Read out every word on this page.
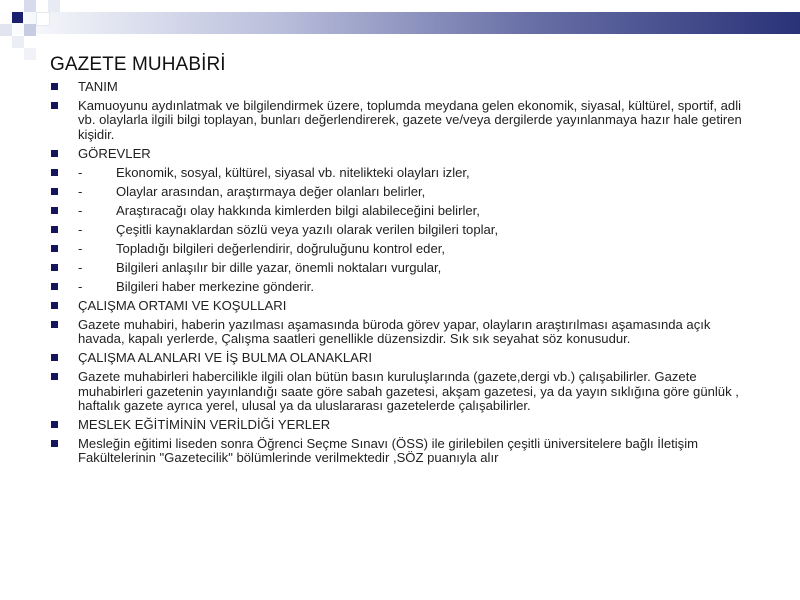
GAZETE MUHABİRİ
TANIM
Kamuoyunu aydınlatmak ve bilgilendirmek üzere, toplumda meydana gelen ekonomik, siyasal, kültürel, sportif, adli vb. olaylarla ilgili bilgi toplayan, bunları değerlendirerek, gazete ve/veya dergilerde yayınlanmaya hazır hale getiren kişidir.
GÖREVLER
-	Ekonomik, sosyal, kültürel, siyasal vb. nitelikteki olayları izler,
-	Olaylar arasından, araştırmaya değer olanları belirler,
-	Araştıracağı olay hakkında kimlerden bilgi alabileceğini belirler,
-	Çeşitli kaynaklardan sözlü veya yazılı olarak verilen bilgileri toplar,
-	Topladığı bilgileri değerlendirir, doğruluğunu kontrol eder,
-	Bilgileri anlaşılır bir dille yazar, önemli noktaları vurgular,
-	Bilgileri haber merkezine gönderir.
ÇALIŞMA ORTAMI VE KOŞULLARI
Gazete muhabiri, haberin yazılması aşamasında büroda görev yapar, olayların araştırılması aşamasında açık havada, kapalı yerlerde, Çalışma saatleri genellikle düzensizdir. Sık sık seyahat söz konusudur.
ÇALIŞMA ALANLARI VE İŞ BULMA OLANAKLARI
Gazete muhabirleri habercilikle ilgili olan bütün basın kuruluşlarında (gazete,dergi vb.) çalışabilirler. Gazete muhabirleri gazetenin yayınlandığı saate göre sabah gazetesi, akşam gazetesi, ya da yayın sıklığına göre günlük , haftalık gazete ayrıca yerel, ulusal ya da uluslararası gazetelerde çalışabilirler.
MESLEK EĞİTİMİNİN VERİLDİĞİ YERLER
Mesleğin eğitimi liseden sonra Öğrenci Seçme Sınavı (ÖSS) ile girilebilen çeşitli üniversitelere bağlı İletişim Fakültelerinin "Gazetecilik" bölümlerinde verilmektedir ,SÖZ puanıyla alır
